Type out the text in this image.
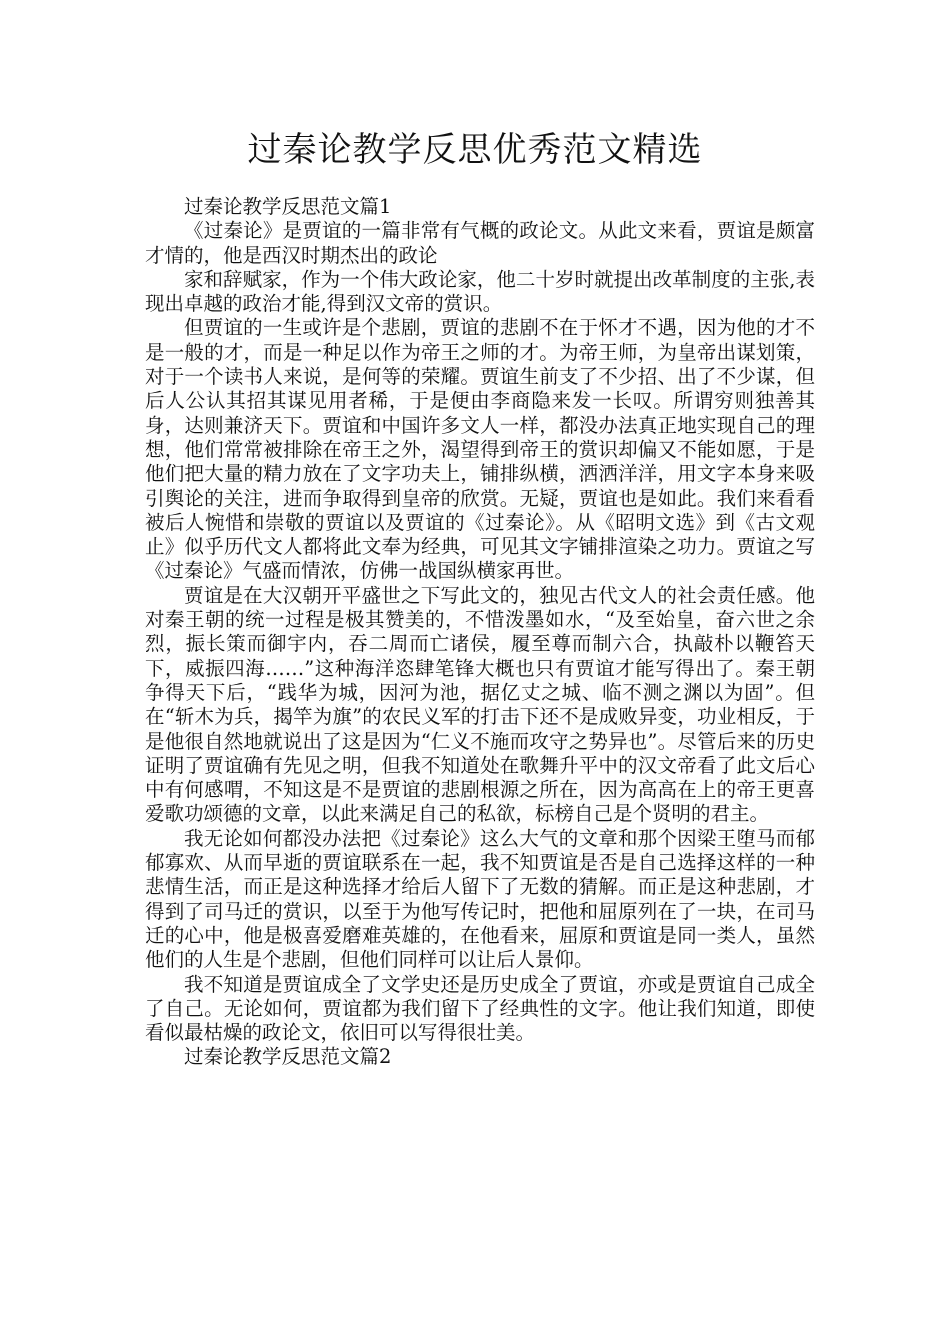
过秦论教学反思优秀范文精选

过秦论教学反思范文篇1

《过秦论》是贾谊的一篇非常有气概的政论文。从此文来看，贾谊是颇富才情的，他是西汉时期杰出的政论

家和辞赋家，作为一个伟大政论家，他二十岁时就提出改革制度的主张,表现出卓越的政治才能,得到汉文帝的赏识。

但贾谊的一生或许是个悲剧，贾谊的悲剧不在于怀才不遇，因为他的才不是一般的才，而是一种足以作为帝王之师的才。为帝王师，为皇帝出谋划策，对于一个读书人来说，是何等的荣耀。贾谊生前支了不少招、出了不少谋，但后人公认其招其谋见用者稀，于是便由李商隐来发一长叹。所谓穷则独善其身，达则兼济天下。贾谊和中国许多文人一样，都没办法真正地实现自己的理想，他们常常被排除在帝王之外，渴望得到帝王的赏识却偏又不能如愿，于是他们把大量的精力放在了文字功夫上，铺排纵横，洒洒洋洋，用文字本身来吸引舆论的关注，进而争取得到皇帝的欣赏。无疑，贾谊也是如此。我们来看看被后人惋惜和崇敬的贾谊以及贾谊的《过秦论》。从《昭明文选》到《古文观止》似乎历代文人都将此文奉为经典，可见其文字铺排渲染之功力。贾谊之写《过秦论》气盛而情浓，仿佛一战国纵横家再世。

贾谊是在大汉朝开平盛世之下写此文的，独见古代文人的社会责任感。他对秦王朝的统一过程是极其赞美的，不惜泼墨如水，“及至始皇，奋六世之余烈，振长策而御宇内，吞二周而亡诸侯，履至尊而制六合，执敲朴以鞭笞天下，威振四海……”这种海洋恣肆笔锋大概也只有贾谊才能写得出了。秦王朝争得天下后，“践华为城，因河为池，据亿丈之城、临不测之渊以为固”。但在“斩木为兵，揭竿为旗”的农民义军的打击下还不是成败异变，功业相反，于是他很自然地就说出了这是因为“仁义不施而攻守之势异也”。尽管后来的历史证明了贾谊确有先见之明，但我不知道处在歌舞升平中的汉文帝看了此文后心中有何感喟，不知这是不是贾谊的悲剧根源之所在，因为高高在上的帝王更喜爱歌功颂德的文章，以此来满足自己的私欲，标榜自己是个贤明的君主。

我无论如何都没办法把《过秦论》这么大气的文章和那个因梁王堕马而郁郁寡欢、从而早逝的贾谊联系在一起，我不知贾谊是否是自己选择这样的一种悲情生活，而正是这种选择才给后人留下了无数的猜解。而正是这种悲剧，才得到了司马迁的赏识，以至于为他写传记时，把他和屈原列在了一块，在司马迁的心中，他是极喜爱磨难英雄的，在他看来，屈原和贾谊是同一类人，虽然他们的人生是个悲剧，但他们同样可以让后人景仰。

我不知道是贾谊成全了文学史还是历史成全了贾谊，亦或是贾谊自己成全了自己。无论如何，贾谊都为我们留下了经典性的文字。他让我们知道，即使看似最枯燥的政论文，依旧可以写得很壮美。

过秦论教学反思范文篇2
